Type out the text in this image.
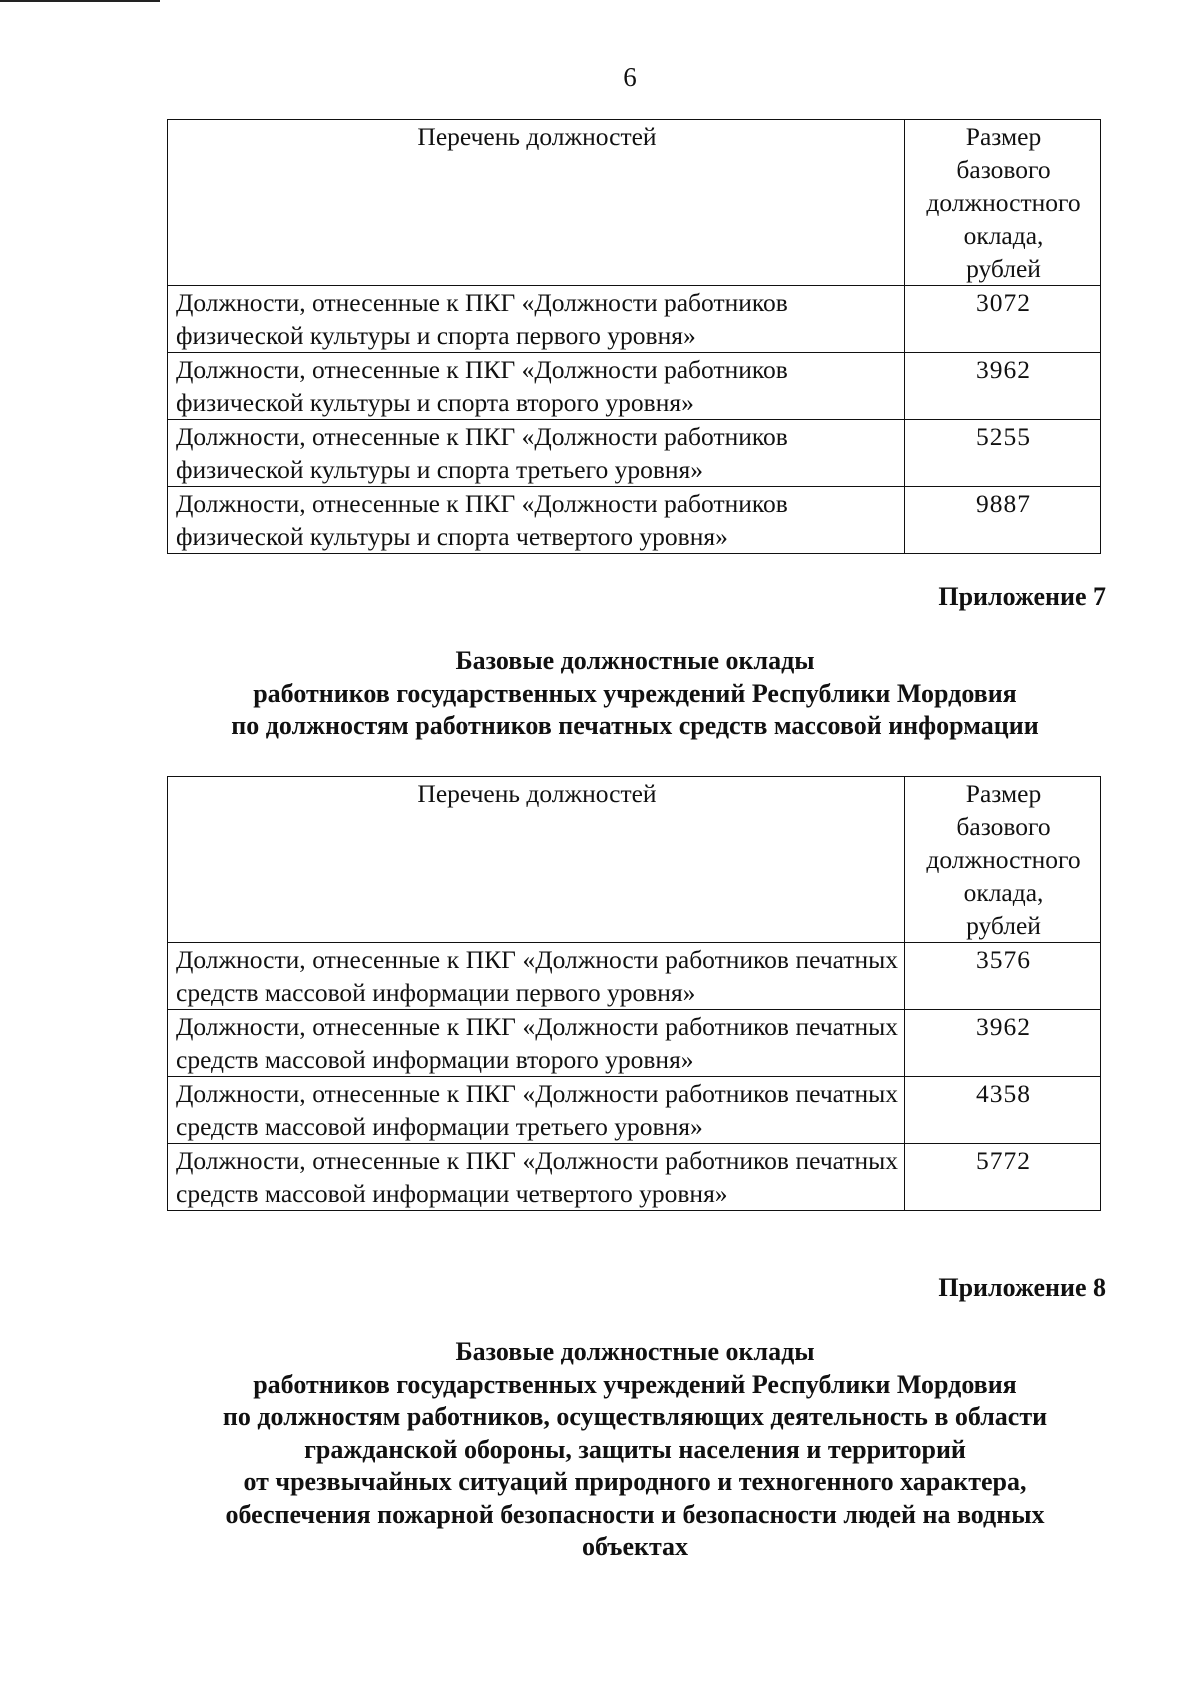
6
Перечень должностей	Размер
базового
должностного
оклада,
рублей

Должности, отнесенные к ПКГ «Должности работников физической культуры и спорта первого уровня»	3072
Должности, отнесенные к ПКГ «Должности работников физической культуры и спорта второго уровня»	3962
Должности, отнесенные к ПКГ «Должности работников физической культуры и спорта третьего уровня»	5255
Должности, отнесенные к ПКГ «Должности работников физической культуры и спорта четвертого уровня»	9887
Приложение 7
Базовые должностные оклады
работников государственных учреждений Республики Мордовия
по должностям работников печатных средств массовой информации
Перечень должностей	Размер
базового
должностного
оклада,
рублей

Должности, отнесенные к ПКГ «Должности работников печатных средств массовой информации первого уровня»	3576
Должности, отнесенные к ПКГ «Должности работников печатных средств массовой информации второго уровня»	3962
Должности, отнесенные к ПКГ «Должности работников печатных средств массовой информации третьего уровня»	4358
Должности, отнесенные к ПКГ «Должности работников печатных средств массовой информации четвертого уровня»	5772
Приложение 8
Базовые должностные оклады
работников государственных учреждений Республики Мордовия
по должностям работников, осуществляющих деятельность в области
гражданской обороны, защиты населения и территорий
от чрезвычайных ситуаций природного и техногенного характера,
обеспечения пожарной безопасности и безопасности людей на водных
объектах
